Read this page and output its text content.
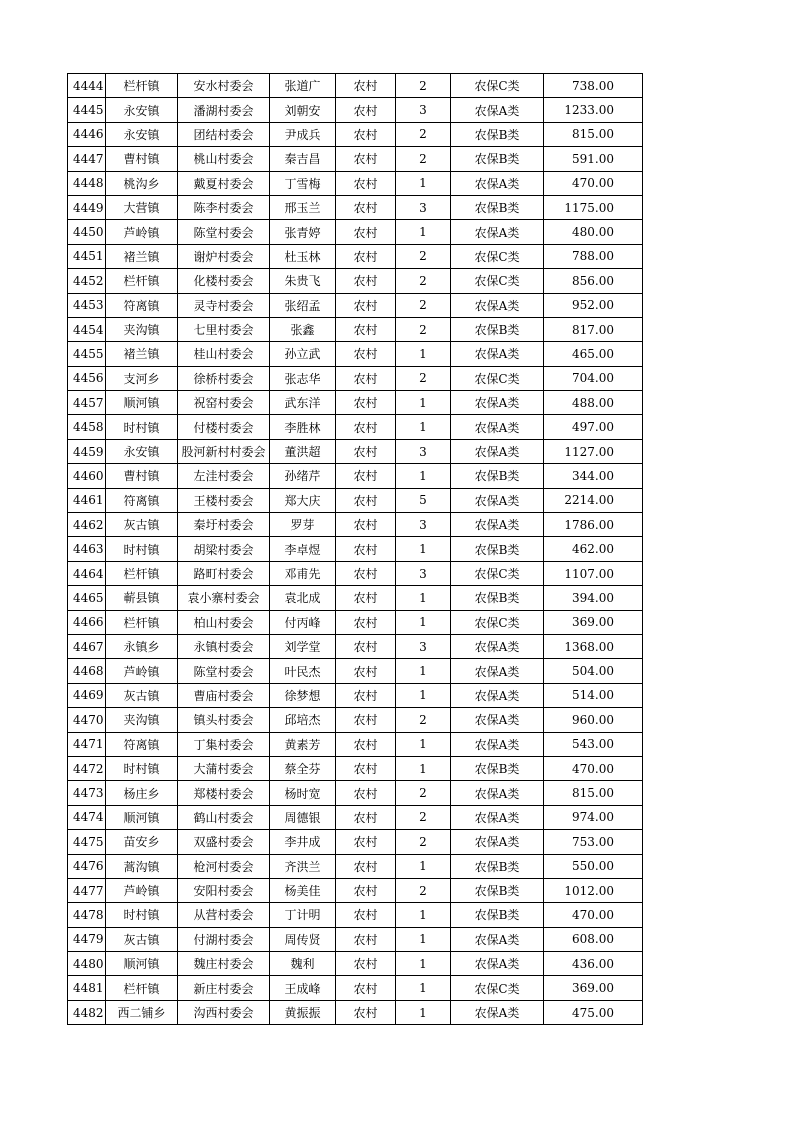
4444	栏杆镇	安水村委会	张道广	农村	2	农保C类	738.00
4445	永安镇	潘湖村委会	刘朝安	农村	3	农保A类	1233.00
4446	永安镇	团结村委会	尹成兵	农村	2	农保B类	815.00
4447	曹村镇	桃山村委会	秦吉昌	农村	2	农保B类	591.00
4448	桃沟乡	戴夏村委会	丁雪梅	农村	1	农保A类	470.00
4449	大营镇	陈李村委会	邢玉兰	农村	3	农保B类	1175.00
4450	芦岭镇	陈堂村委会	张青婷	农村	1	农保A类	480.00
4451	褚兰镇	谢炉村委会	杜玉林	农村	2	农保C类	788.00
4452	栏杆镇	化楼村委会	朱贵飞	农村	2	农保C类	856.00
4453	符离镇	灵寺村委会	张绍孟	农村	2	农保A类	952.00
4454	夹沟镇	七里村委会	张鑫	农村	2	农保B类	817.00
4455	褚兰镇	桂山村委会	孙立武	农村	1	农保A类	465.00
4456	支河乡	徐桥村委会	张志华	农村	2	农保C类	704.00
4457	顺河镇	祝窑村委会	武东洋	农村	1	农保A类	488.00
4458	时村镇	付楼村委会	李胜林	农村	1	农保A类	497.00
4459	永安镇	股河新村村委会	董洪超	农村	3	农保A类	1127.00
4460	曹村镇	左洼村委会	孙绪芹	农村	1	农保B类	344.00
4461	符离镇	王楼村委会	郑大庆	农村	5	农保A类	2214.00
4462	灰古镇	秦圩村委会	罗芽	农村	3	农保A类	1786.00
4463	时村镇	胡梁村委会	李卓煜	农村	1	农保B类	462.00
4464	栏杆镇	路町村委会	邓甫先	农村	3	农保C类	1107.00
4465	蕲县镇	袁小寨村委会	袁北成	农村	1	农保B类	394.00
4466	栏杆镇	柏山村委会	付丙峰	农村	1	农保C类	369.00
4467	永镇乡	永镇村委会	刘学堂	农村	3	农保A类	1368.00
4468	芦岭镇	陈堂村委会	叶民杰	农村	1	农保A类	504.00
4469	灰古镇	曹庙村委会	徐梦想	农村	1	农保A类	514.00
4470	夹沟镇	镇头村委会	邱培杰	农村	2	农保A类	960.00
4471	符离镇	丁集村委会	黄素芳	农村	1	农保A类	543.00
4472	时村镇	大蒲村委会	蔡全芬	农村	1	农保B类	470.00
4473	杨庄乡	郑楼村委会	杨时宽	农村	2	农保A类	815.00
4474	顺河镇	鹤山村委会	周德银	农村	2	农保A类	974.00
4475	苗安乡	双盛村委会	李井成	农村	2	农保A类	753.00
4476	蒿沟镇	枪河村委会	齐洪兰	农村	1	农保B类	550.00
4477	芦岭镇	安阳村委会	杨美佳	农村	2	农保B类	1012.00
4478	时村镇	从营村委会	丁计明	农村	1	农保B类	470.00
4479	灰古镇	付湖村委会	周传贤	农村	1	农保A类	608.00
4480	顺河镇	魏庄村委会	魏利	农村	1	农保A类	436.00
4481	栏杆镇	新庄村委会	王成峰	农村	1	农保C类	369.00
4482	西二铺乡	沟西村委会	黄振振	农村	1	农保A类	475.00
